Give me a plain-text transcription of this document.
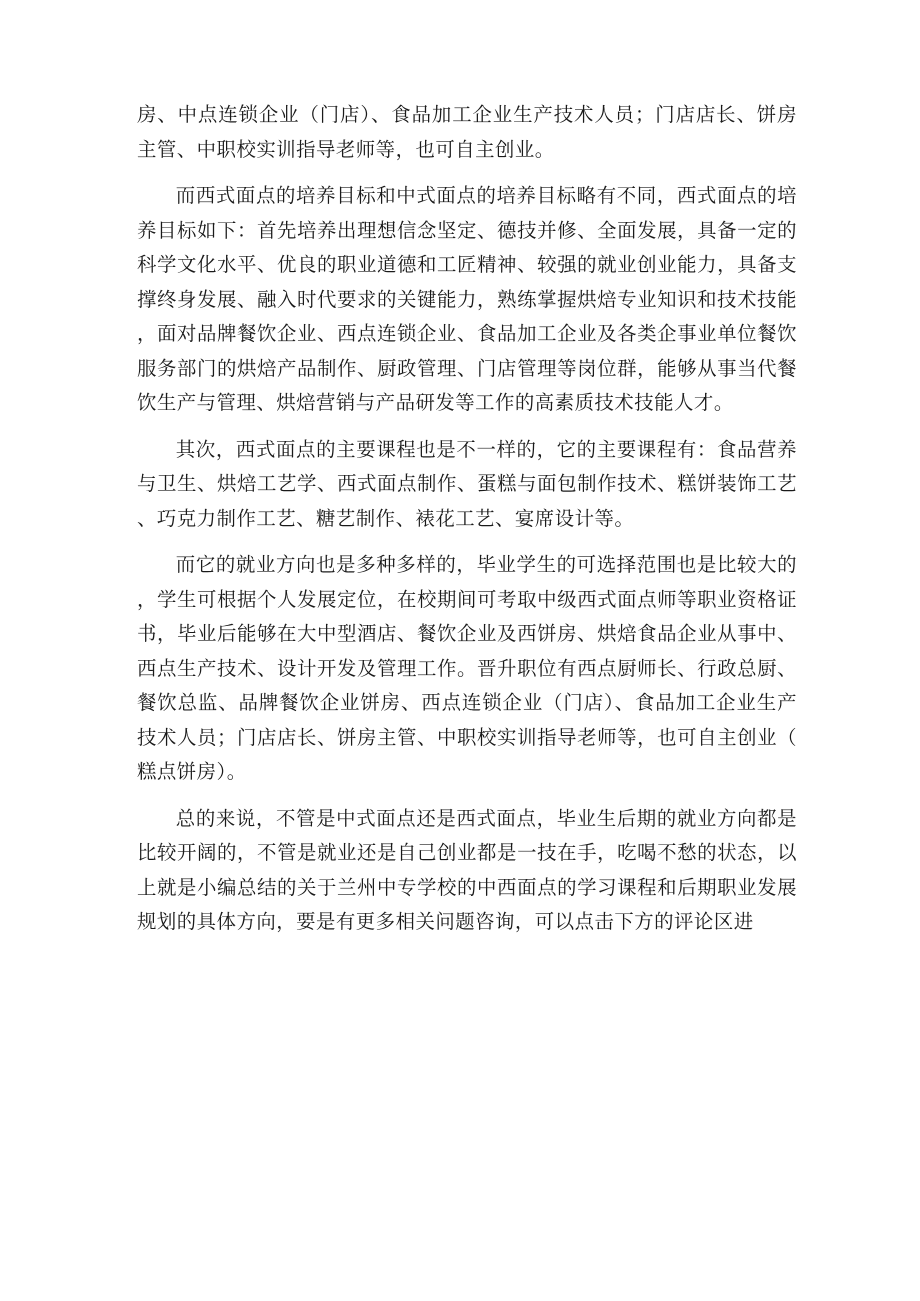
房、中点连锁企业（门店）、食品加工企业生产技术人员；门店店长、饼房主管、中职校实训指导老师等，也可自主创业。

而西式面点的培养目标和中式面点的培养目标略有不同，西式面点的培养目标如下：首先培养出理想信念坚定、德技并修、全面发展，具备一定的科学文化水平、优良的职业道德和工匠精神、较强的就业创业能力，具备支撑终身发展、融入时代要求的关键能力，熟练掌握烘焙专业知识和技术技能，面对品牌餐饮企业、西点连锁企业、食品加工企业及各类企事业单位餐饮服务部门的烘焙产品制作、厨政管理、门店管理等岗位群，能够从事当代餐饮生产与管理、烘焙营销与产品研发等工作的高素质技术技能人才。

其次，西式面点的主要课程也是不一样的，它的主要课程有：食品营养与卫生、烘焙工艺学、西式面点制作、蛋糕与面包制作技术、糕饼装饰工艺、巧克力制作工艺、糖艺制作、裱花工艺、宴席设计等。

而它的就业方向也是多种多样的，毕业学生的可选择范围也是比较大的，学生可根据个人发展定位，在校期间可考取中级西式面点师等职业资格证书，毕业后能够在大中型酒店、餐饮企业及西饼房、烘焙食品企业从事中、西点生产技术、设计开发及管理工作。晋升职位有西点厨师长、行政总厨、餐饮总监、品牌餐饮企业饼房、西点连锁企业（门店）、食品加工企业生产技术人员；门店店长、饼房主管、中职校实训指导老师等，也可自主创业（糕点饼房）。

总的来说，不管是中式面点还是西式面点，毕业生后期的就业方向都是比较开阔的，不管是就业还是自己创业都是一技在手，吃喝不愁的状态，以上就是小编总结的关于兰州中专学校的中西面点的学习课程和后期职业发展规划的具体方向，要是有更多相关问题咨询，可以点击下方的评论区进
